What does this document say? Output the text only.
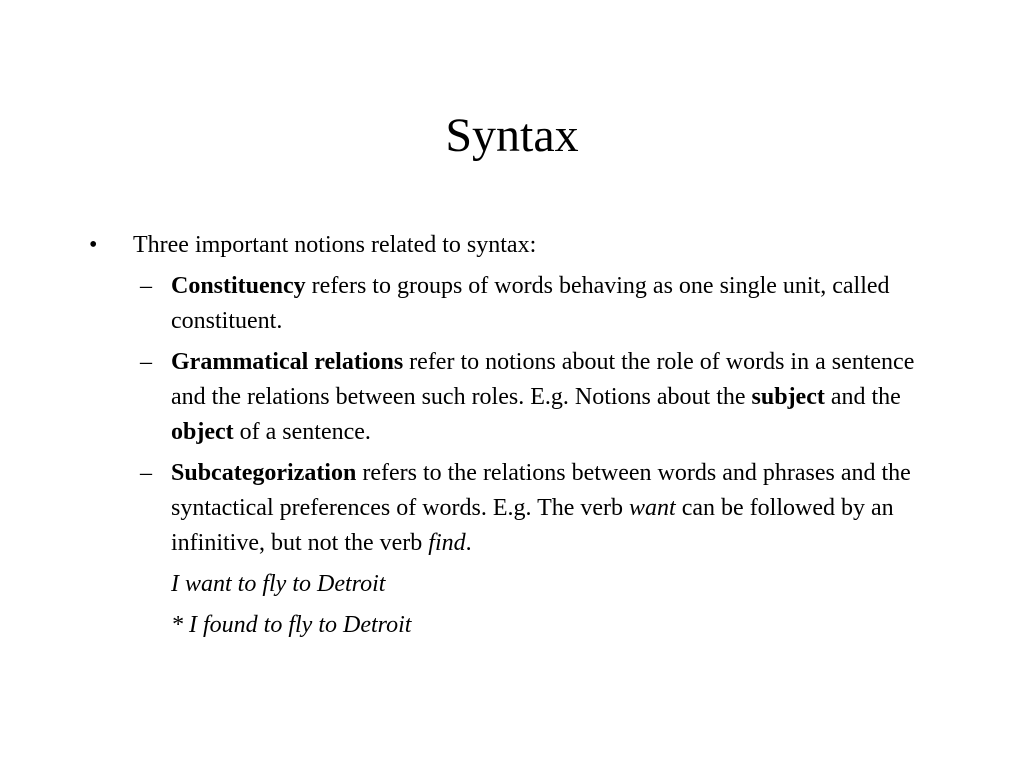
Syntax
• Three important notions related to syntax:
– Constituency refers to groups of words behaving as one single unit, called constituent.
– Grammatical relations refer to notions about the role of words in a sentence and the relations between such roles. E.g. Notions about the subject and the object of a sentence.
– Subcategorization refers to the relations between words and phrases and the syntactical preferences of words. E.g. The verb want can be followed by an infinitive, but not the verb find.
I want to fly to Detroit
* I found to fly to Detroit
